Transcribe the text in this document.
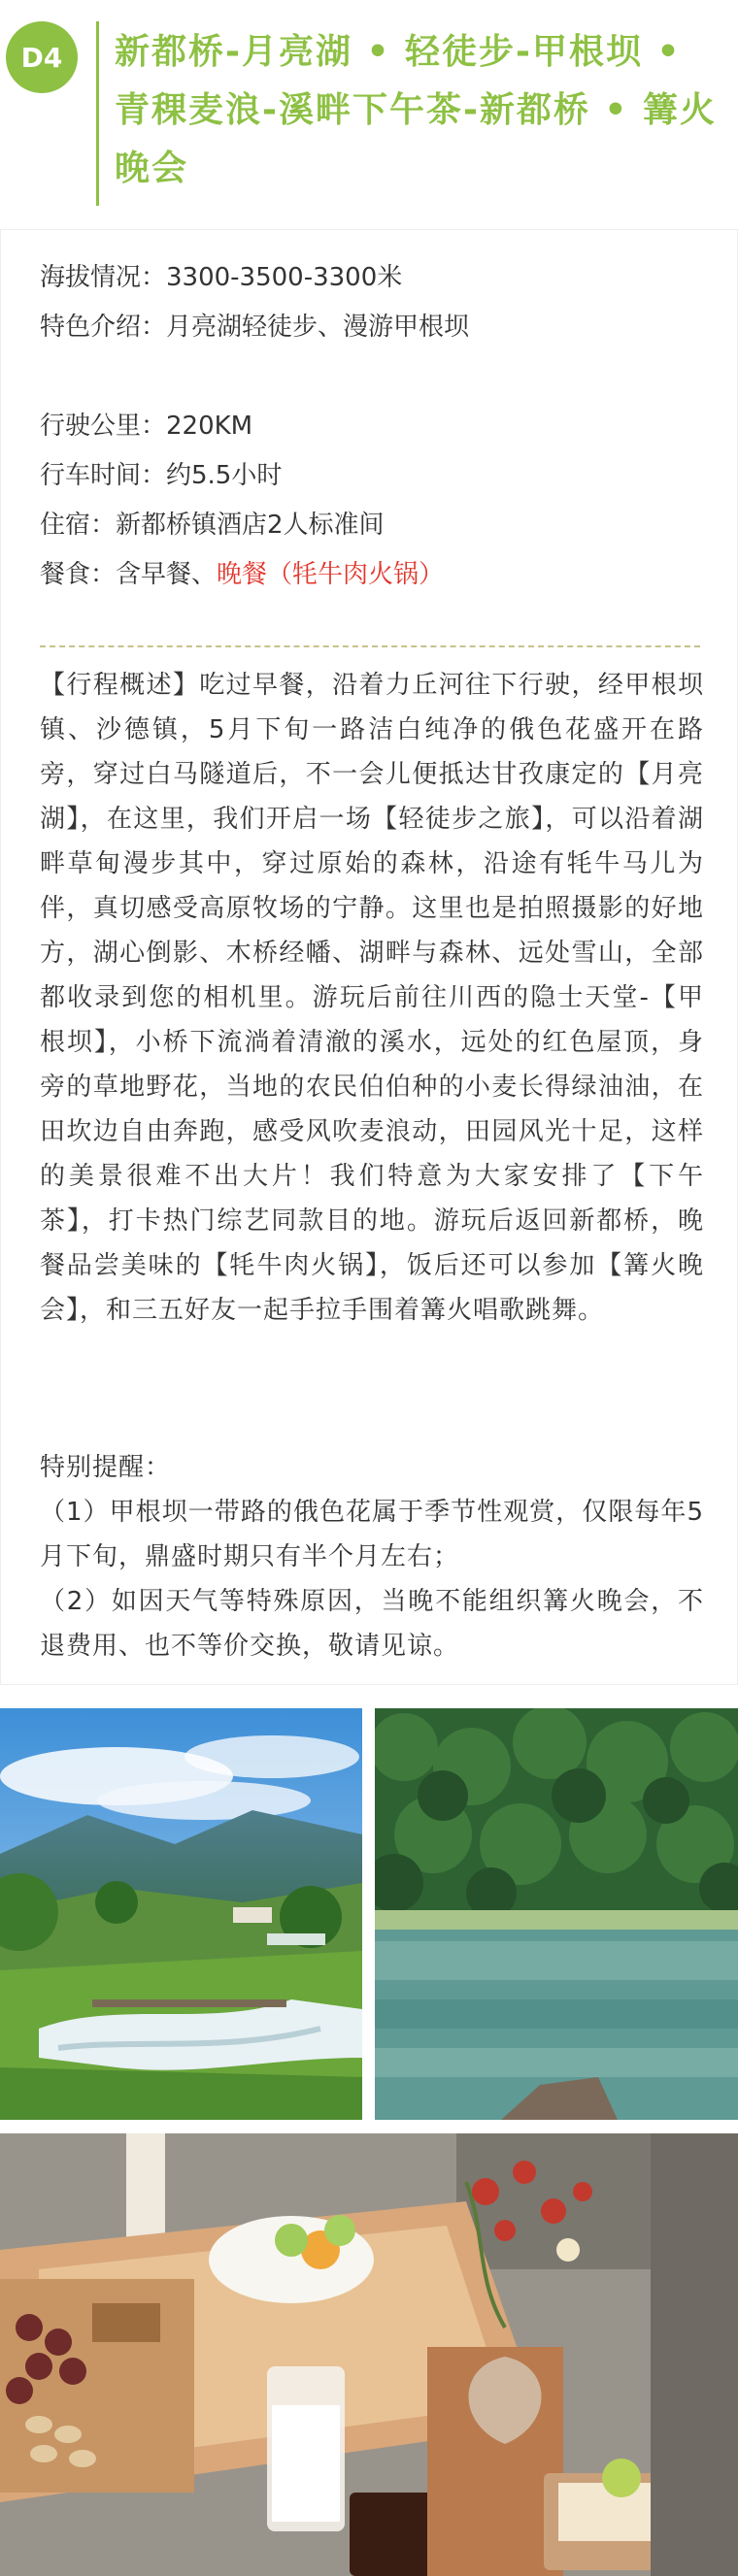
D4	新都桥-月亮湖 • 轻徒步-甲根坝 • 青稞麦浪-溪畔下午茶-新都桥 • 篝火晚会
海拔情况：3300-3500-3300米
特色介绍：月亮湖轻徒步、漫游甲根坝
行驶公里：220KM
行车时间：约5.5小时
住宿：新都桥镇酒店2人标准间
餐食：含早餐、晚餐（牦牛肉火锅）
【行程概述】吃过早餐，沿着力丘河往下行驶，经甲根坝镇、沙德镇，5月下旬一路洁白纯净的俄色花盛开在路旁，穿过白马隧道后，不一会儿便抵达甘孜康定的【月亮湖】，在这里，我们开启一场【轻徒步之旅】，可以沿着湖畔草甸漫步其中，穿过原始的森林，沿途有牦牛马儿为伴，真切感受高原牧场的宁静。这里也是拍照摄影的好地方，湖心倒影、木桥经幡、湖畔与森林、远处雪山，全部都收录到您的相机里。游玩后前往川西的隐士天堂-【甲根坝】，小桥下流淌着清澈的溪水，远处的红色屋顶，身旁的草地野花，当地的农民伯伯种的小麦长得绿油油，在田坎边自由奔跑，感受风吹麦浪动，田园风光十足，这样的美景很难不出大片！我们特意为大家安排了【下午茶】，打卡热门综艺同款目的地。游玩后返回新都桥，晚餐品尝美味的【牦牛肉火锅】，饭后还可以参加【篝火晚会】，和三五好友一起手拉手围着篝火唱歌跳舞。

特别提醒：

（1）甲根坝一带路的俄色花属于季节性观赏，仅限每年5月下旬，鼎盛时期只有半个月左右；

（2）如因天气等特殊原因，当晚不能组织篝火晚会，不退费用、也不等价交换，敬请见谅。
